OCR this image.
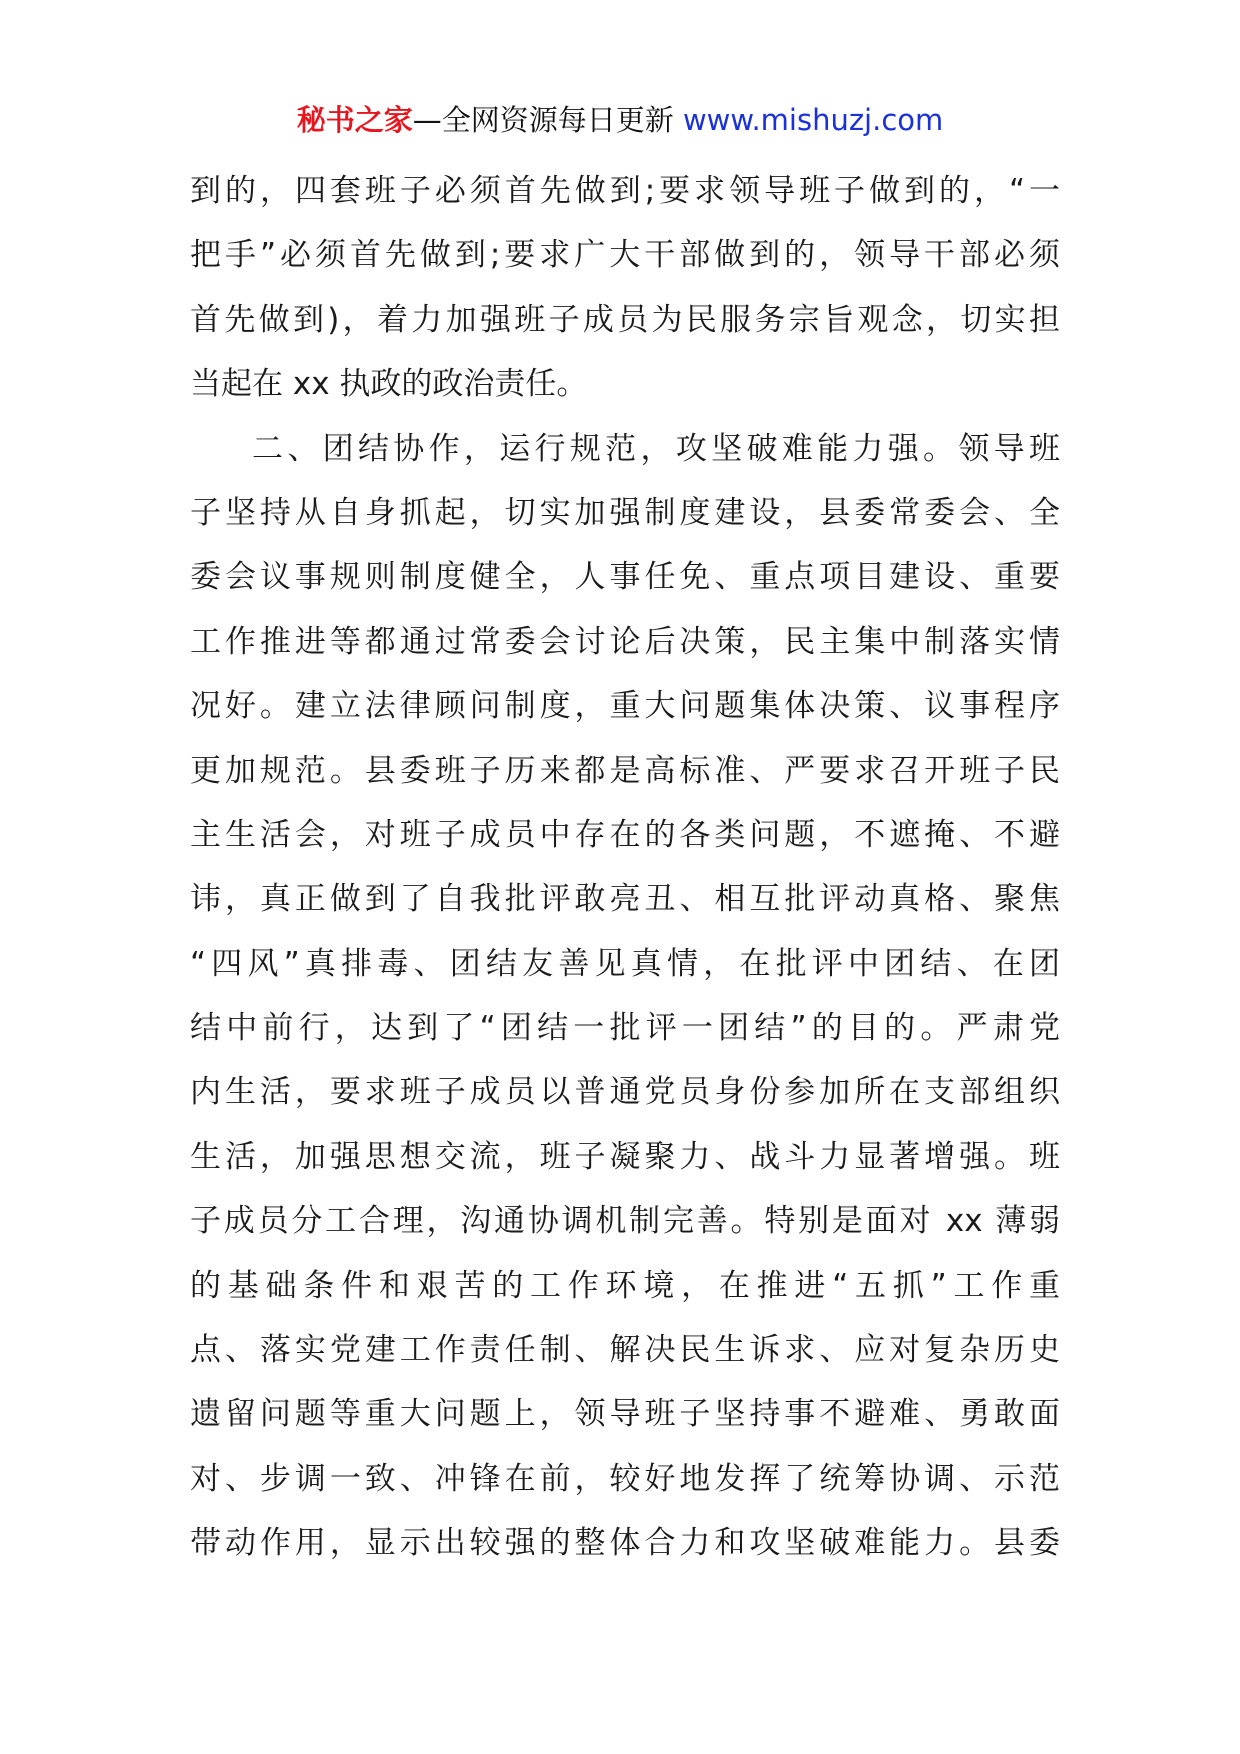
秘书之家—全网资源每日更新 www.mishuzj.com
到的，四套班子必须首先做到;要求领导班子做到的，“一
把手”必须首先做到;要求广大干部做到的，领导干部必须
首先做到)，着力加强班子成员为民服务宗旨观念，切实担
当起在 xx 执政的政治责任。
二、团结协作，运行规范，攻坚破难能力强。领导班
子坚持从自身抓起，切实加强制度建设，县委常委会、全
委会议事规则制度健全，人事任免、重点项目建设、重要
工作推进等都通过常委会讨论后决策，民主集中制落实情
况好。建立法律顾问制度，重大问题集体决策、议事程序
更加规范。县委班子历来都是高标准、严要求召开班子民
主生活会，对班子成员中存在的各类问题，不遮掩、不避
讳，真正做到了自我批评敢亮丑、相互批评动真格、聚焦
“四风”真排毒、团结友善见真情，在批评中团结、在团
结中前行，达到了“团结一批评一团结”的目的。严肃党
内生活，要求班子成员以普通党员身份参加所在支部组织
生活，加强思想交流，班子凝聚力、战斗力显著增强。班
子成员分工合理，沟通协调机制完善。特别是面对 xx 薄弱
的基础条件和艰苦的工作环境，在推进“五抓”工作重
点、落实党建工作责任制、解决民生诉求、应对复杂历史
遗留问题等重大问题上，领导班子坚持事不避难、勇敢面
对、步调一致、冲锋在前，较好地发挥了统筹协调、示范
带动作用，显示出较强的整体合力和攻坚破难能力。县委
